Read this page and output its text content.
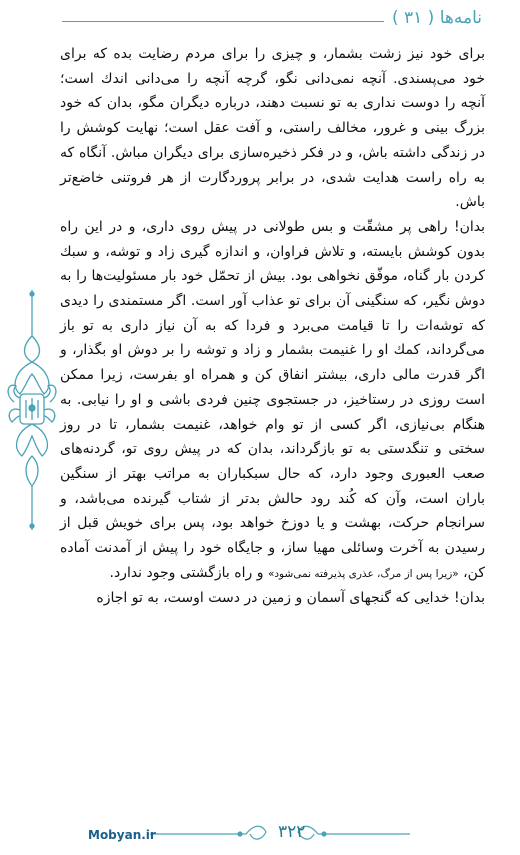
نامه‌ها ( ۳۱ )

برای خود نیز زشت بشمار، و چیزی را برای مردم رضایت بده که برای خود می‌پسندی. آنچه نمی‌دانی نگو، گرچه آنچه را می‌دانی اندك است؛ آنچه را دوست نداری به تو نسبت دهند، درباره دیگران مگو، بدان که خود بزرگ بینی و غرور، مخالف راستی، و آفت عقل است؛ نهایت کوشش را در زندگی داشته باش، و در فکر ذخیره‌سازی برای دیگران مباش. آنگاه که به راه راست هدایت شدی، در برابر پروردگارت از هر فروتنی خاضع‌تر باش.

بدان! راهی پر مشقّت و بس طولانی در پیش روی داری، و در این راه بدون کوشش بایسته، و تلاش فراوان، و اندازه گیری زاد و توشه، و سبك کردن بار گناه، موفّق نخواهی بود. بیش از تحمّل خود بار مسئولیت‌ها را به دوش نگیر، که سنگینی آن برای تو عذاب آور است. اگر مستمندی را دیدی که توشه‌ات را تا قیامت می‌برد و فردا که به آن نیاز داری به تو باز می‌گرداند، کمك او را غنیمت بشمار و زاد و توشه را بر دوش او بگذار، و اگر قدرت مالی داری، بیشتر انفاق کن و همراه او بفرست، زیرا ممکن است روزی در رستاخیز، در جستجوی چنین فردی باشی و او را نیابی. به هنگام بی‌نیازی، اگر کسی از تو وام خواهد، غنیمت بشمار، تا در روز سختی و تنگدستی به تو بازگرداند، بدان که در پیش روی تو، گردنه‌های صعب العبوری وجود دارد، که حال سبکباران به مراتب بهتر از سنگین باران است، وآن که کُند رود حالش بدتر از شتاب گیرنده می‌باشد، و سرانجام حرکت، بهشت و یا دوزخ خواهد بود، پس برای خویش قبل از رسیدن به آخرت وسائلی مهیا ساز، و جایگاه خود را پیش از آمدنت آماده کن، «زیرا پس از مرگ، عذری پذیرفته نمی‌شود» و راه بازگشتی وجود ندارد.

بدان! خدایی که گنجهای آسمان و زمین در دست اوست، به تو اجازه

Mobyan.ir	۳۲۲
